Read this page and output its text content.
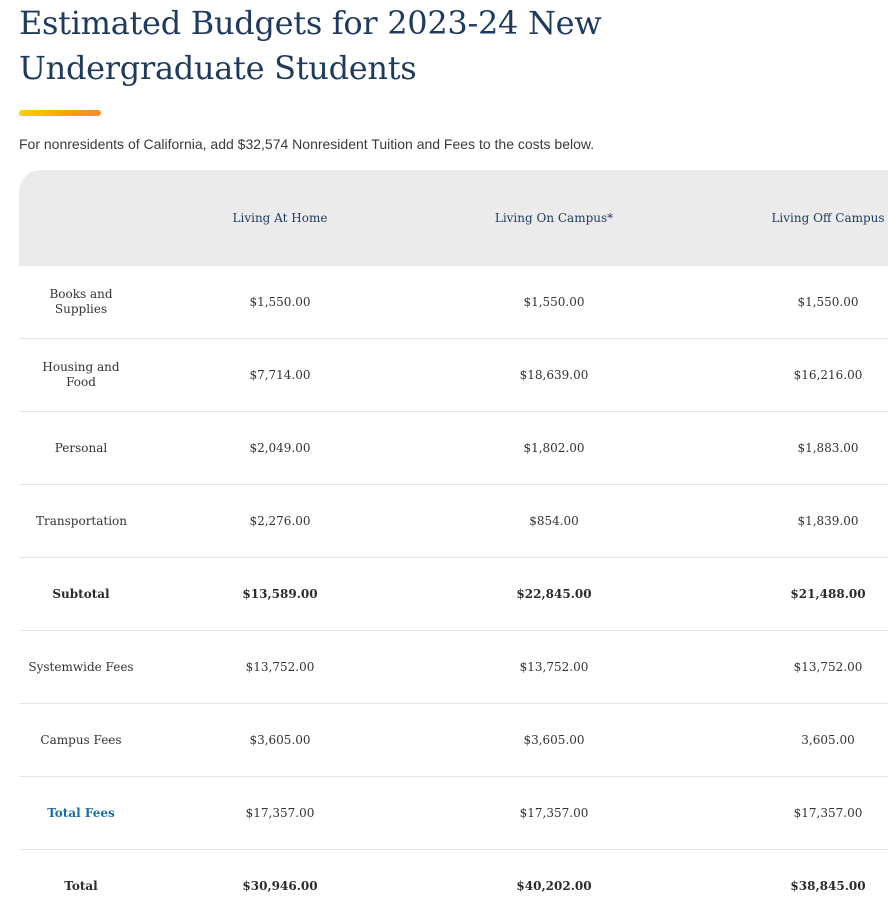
Estimated Budgets for 2023-24 New Undergraduate Students
For nonresidents of California, add $32,574 Nonresident Tuition and Fees to the costs below.
	Living At Home	Living On Campus*	Living Off Campus
Books and Supplies	$1,550.00	$1,550.00	$1,550.00
Housing and Food	$7,714.00	$18,639.00	$16,216.00
Personal	$2,049.00	$1,802.00	$1,883.00
Transportation	$2,276.00	$854.00	$1,839.00
Subtotal	$13,589.00	$22,845.00	$21,488.00
Systemwide Fees	$13,752.00	$13,752.00	$13,752.00
Campus Fees	$3,605.00	$3,605.00	3,605.00
Total Fees	$17,357.00	$17,357.00	$17,357.00
Total	$30,946.00	$40,202.00	$38,845.00
